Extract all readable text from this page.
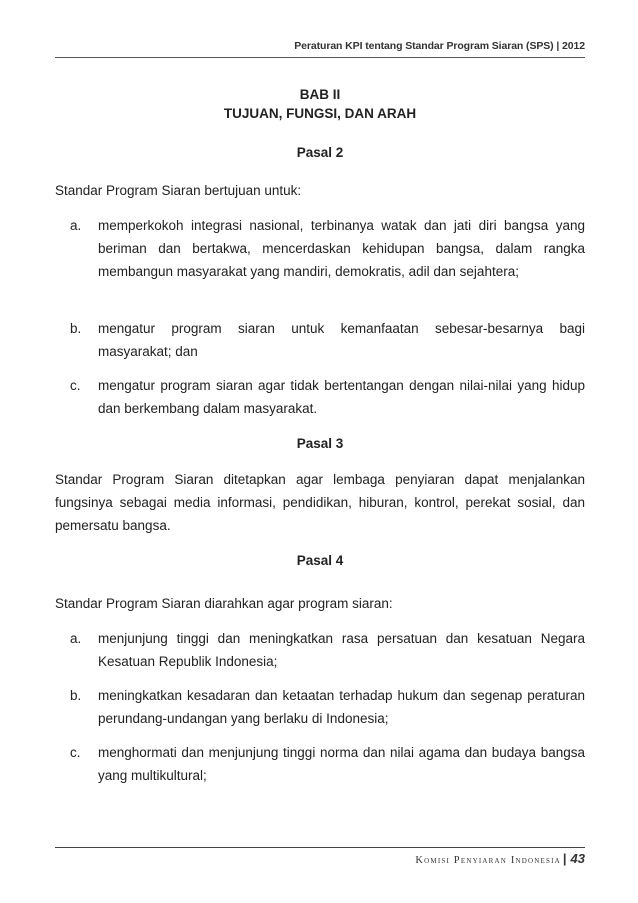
Peraturan KPI tentang Standar Program Siaran (SPS) | 2012
BAB II
TUJUAN, FUNGSI, DAN ARAH
Pasal 2
Standar Program Siaran bertujuan untuk:
a. memperkokoh integrasi nasional, terbinanya watak dan jati diri bangsa yang beriman dan bertakwa, mencerdaskan kehidupan bangsa, dalam rangka membangun masyarakat yang mandiri, demokratis, adil dan sejahtera;
b. mengatur program siaran untuk kemanfaatan sebesar-besarnya bagi masyarakat; dan
c. mengatur program siaran agar tidak bertentangan dengan nilai-nilai yang hidup dan berkembang dalam masyarakat.
Pasal 3
Standar Program Siaran ditetapkan agar lembaga penyiaran dapat menjalankan fungsinya sebagai media informasi, pendidikan, hiburan, kontrol, perekat sosial, dan pemersatu bangsa.
Pasal 4
Standar Program Siaran diarahkan agar program siaran:
a. menjunjung tinggi dan meningkatkan rasa persatuan dan kesatuan Negara Kesatuan Republik Indonesia;
b. meningkatkan kesadaran dan ketaatan terhadap hukum dan segenap peraturan perundang-undangan yang berlaku di Indonesia;
c. menghormati dan menjunjung tinggi norma dan nilai agama dan budaya bangsa yang multikultural;
Komisi Penyiaran Indonesia | 43
